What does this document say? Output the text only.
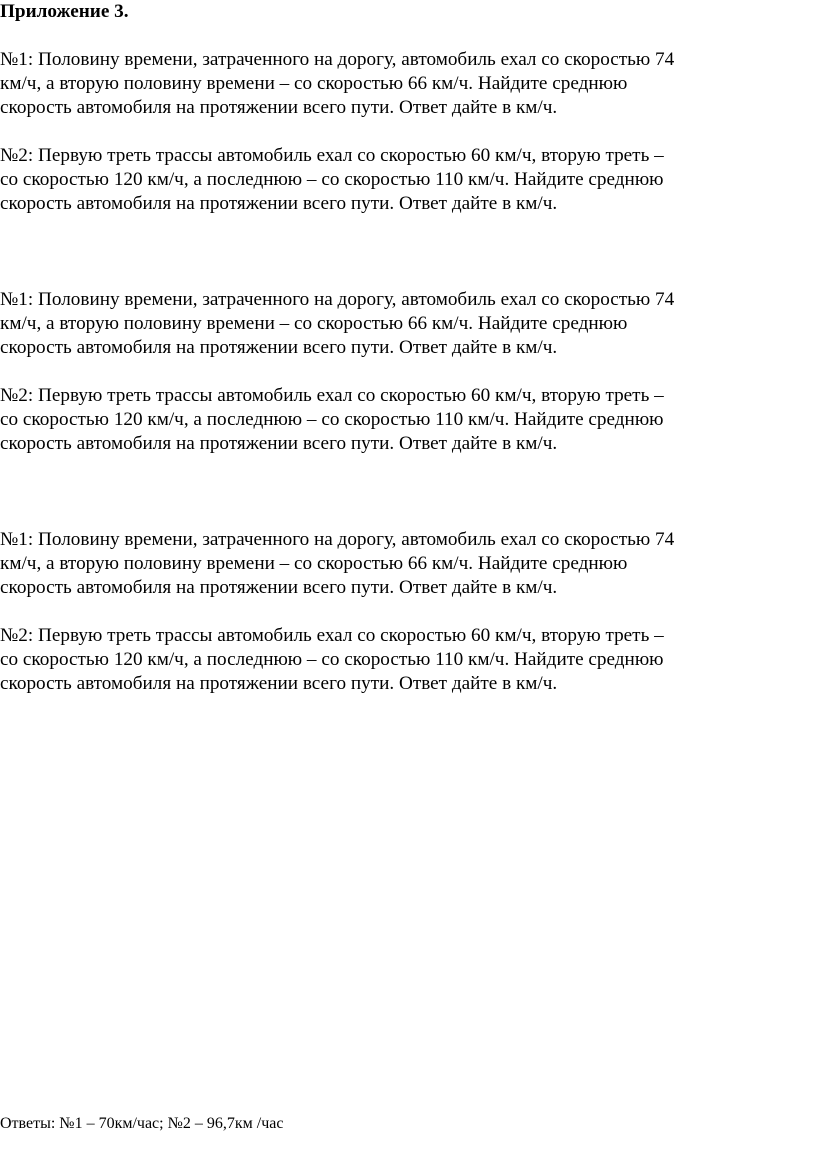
Приложение 3.

№1: Половину времени, затраченного на дорогу, автомобиль ехал со скоростью 74
км/ч, а вторую половину времени – со скоростью 66 км/ч. Найдите среднюю
скорость автомобиля на протяжении всего пути. Ответ дайте в км/ч.

№2: Первую треть трассы автомобиль ехал со скоростью 60 км/ч, вторую треть –
со скоростью 120 км/ч, а последнюю – со скоростью 110 км/ч. Найдите среднюю
скорость автомобиля на протяжении всего пути. Ответ дайте в км/ч.

№1: Половину времени, затраченного на дорогу, автомобиль ехал со скоростью 74
км/ч, а вторую половину времени – со скоростью 66 км/ч. Найдите среднюю
скорость автомобиля на протяжении всего пути. Ответ дайте в км/ч.

№2: Первую треть трассы автомобиль ехал со скоростью 60 км/ч, вторую треть –
со скоростью 120 км/ч, а последнюю – со скоростью 110 км/ч. Найдите среднюю
скорость автомобиля на протяжении всего пути. Ответ дайте в км/ч.

№1: Половину времени, затраченного на дорогу, автомобиль ехал со скоростью 74
км/ч, а вторую половину времени – со скоростью 66 км/ч. Найдите среднюю
скорость автомобиля на протяжении всего пути. Ответ дайте в км/ч.

№2: Первую треть трассы автомобиль ехал со скоростью 60 км/ч, вторую треть –
со скоростью 120 км/ч, а последнюю – со скоростью 110 км/ч. Найдите среднюю
скорость автомобиля на протяжении всего пути. Ответ дайте в км/ч.

Ответы: №1 – 70км/час; №2 – 96,7км /час
